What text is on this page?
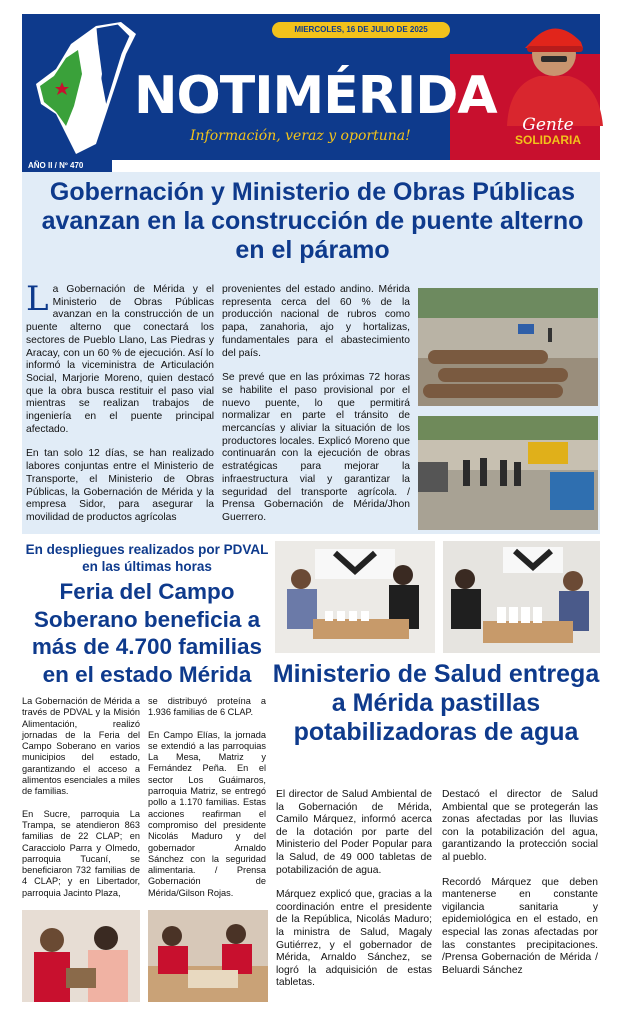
MIERCOLES, 16 DE JULIO DE 2025
NOTIMÉRIDA
Información, veraz y oportuna!
Gente
SOLIDARIA
AÑO II / Nº 470
Gobernación y Ministerio de Obras Públicas avanzan en la construcción de puente alterno en el páramo

La Gobernación de Mérida y el Ministerio de Obras Públicas avanzan en la construcción de un puente alterno que conectará los sectores de Pueblo Llano, Las Piedras y Aracay, con un 60 % de ejecución. Así lo informó la viceministra de Articulación Social, Marjorie Moreno, quien destacó que la obra busca restituir el paso vial mientras se realizan trabajos de ingeniería en el puente principal afectado.

En tan solo 12 días, se han realizado labores conjuntas entre el Ministerio de Transporte, el Ministerio de Obras Públicas, la Gobernación de Mérida y la empresa Sidor, para asegurar la movilidad de productos agrícolas

provenientes del estado andino. Mérida representa cerca del 60 % de la producción nacional de rubros como papa, zanahoria, ajo y hortalizas, fundamentales para el abastecimiento del país.

Se prevé que en las próximas 72 horas se habilite el paso provisional por el nuevo puente, lo que permitirá normalizar en parte el tránsito de mercancías y aliviar la situación de los productores locales. Explicó Moreno que continuarán con la ejecución de obras estratégicas para mejorar la infraestructura vial y garantizar la seguridad del transporte agrícola. / Prensa Gobernación de Mérida/Jhon Guerrero.

En despliegues realizados por PDVAL en las últimas horas
Feria del Campo Soberano beneficia a más de 4.700 familias en el estado Mérida

La Gobernación de Mérida a través de PDVAL y la Misión Alimentación, realizó jornadas de la Feria del Campo Soberano en varios municipios del estado, garantizando el acceso a alimentos esenciales a miles de familias.

En Sucre, parroquia La Trampa, se atendieron 863 familias de 22 CLAP; en Caracciolo Parra y Olmedo, parroquia Tucaní, se beneficiaron 732 familias de 4 CLAP; y en Libertador, parroquia Jacinto Plaza,

se distribuyó proteína a 1.936 familias de 6 CLAP.

En Campo Elías, la jornada se extendió a las parroquias La Mesa, Matriz y Fernández Peña. En el sector Los Guáimaros, parroquia Matriz, se entregó pollo a 1.170 familias. Estas acciones reafirman el compromiso del presidente Nicolás Maduro y del gobernador Arnaldo Sánchez con la seguridad alimentaria. / Prensa Gobernación de Mérida/Gilson Rojas.

Ministerio de Salud entrega a Mérida pastillas potabilizadoras de agua

El director de Salud Ambiental de la Gobernación de Mérida, Camilo Márquez, informó acerca de la dotación por parte del Ministerio del Poder Popular para la Salud, de 49 000 tabletas de potabilización de agua.

Márquez explicó que, gracias a la coordinación entre el presidente de la República, Nicolás Maduro; la ministra de Salud, Magaly Gutiérrez, y el gobernador de Mérida, Arnaldo Sánchez, se logró la adquisición de estas tabletas.

Destacó el director de Salud Ambiental que se protegerán las zonas afectadas por las lluvias con la potabilización del agua, garantizando la protección social al pueblo.

Recordó Márquez que deben mantenerse en constante vigilancia sanitaria y epidemiológica en el estado, en especial las zonas afectadas por las constantes precipitaciones. /Prensa Gobernación de Mérida / Beluardi Sánchez
